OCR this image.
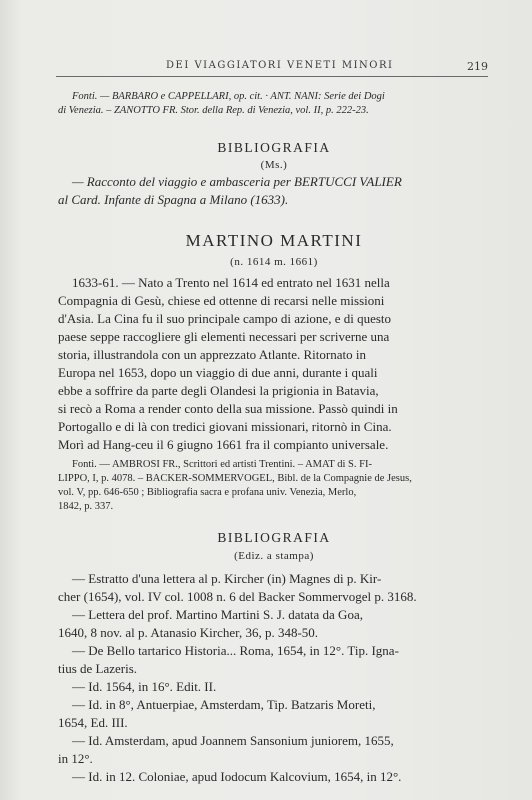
DEI VIAGGIATORI VENETI MINORI	219
Fonti. — BARBARO e CAPPELLARI, op. cit. · ANT. NANI: Serie dei Dogi
di Venezia. – ZANOTTO FR. Stor. della Rep. di Venezia, vol. II, p. 222-23.
BIBLIOGRAFIA
(Ms.)
— Racconto del viaggio e ambasceria per BERTUCCI VALIER
al Card. Infante di Spagna a Milano (1633).
MARTINO MARTINI
(n. 1614 m. 1661)
1633-61. — Nato a Trento nel 1614 ed entrato nel 1631 nella
Compagnia di Gesù, chiese ed ottenne di recarsi nelle missioni
d'Asia. La Cina fu il suo principale campo di azione, e di questo
paese seppe raccogliere gli elementi necessari per scriverne una
storia, illustrandola con un apprezzato Atlante. Ritornato in
Europa nel 1653, dopo un viaggio di due anni, durante i quali
ebbe a soffrire da parte degli Olandesi la prigionia in Batavia,
si recò a Roma a render conto della sua missione. Passò quindi in
Portogallo e di là con tredici giovani missionari, ritornò in Cina.
Morì ad Hang-ceu il 6 giugno 1661 fra il compianto universale.
Fonti. — AMBROSI FR., Scrittori ed artisti Trentini. – AMAT di S. FI-
LIPPO, I, p. 4078. – BACKER-SOMMERVOGEL, Bibl. de la Compagnie de Jesus,
vol. V, pp. 646-650 ; Bibliografia sacra e profana univ. Venezia, Merlo,
1842, p. 337.
BIBLIOGRAFIA
(Ediz. a stampa)
— Estratto d'una lettera al p. Kircher (in) Magnes di p. Kir-
cher (1654), vol. IV col. 1008 n. 6 del Backer Sommervogel p. 3168.
— Lettera del prof. Martino Martini S. J. datata da Goa,
1640, 8 nov. al p. Atanasio Kircher, 36, p. 348-50.
— De Bello tartarico Historia... Roma, 1654, in 12°. Tip. Igna-
tius de Lazeris.
— Id. 1564, in 16°. Edit. II.
— Id. in 8°, Antuerpiae, Amsterdam, Tip. Batzaris Moreti,
1654, Ed. III.
— Id. Amsterdam, apud Joannem Sansonium juniorem, 1655,
in 12°.
— Id. in 12. Coloniae, apud Iodocum Kalcovium, 1654, in 12°.
